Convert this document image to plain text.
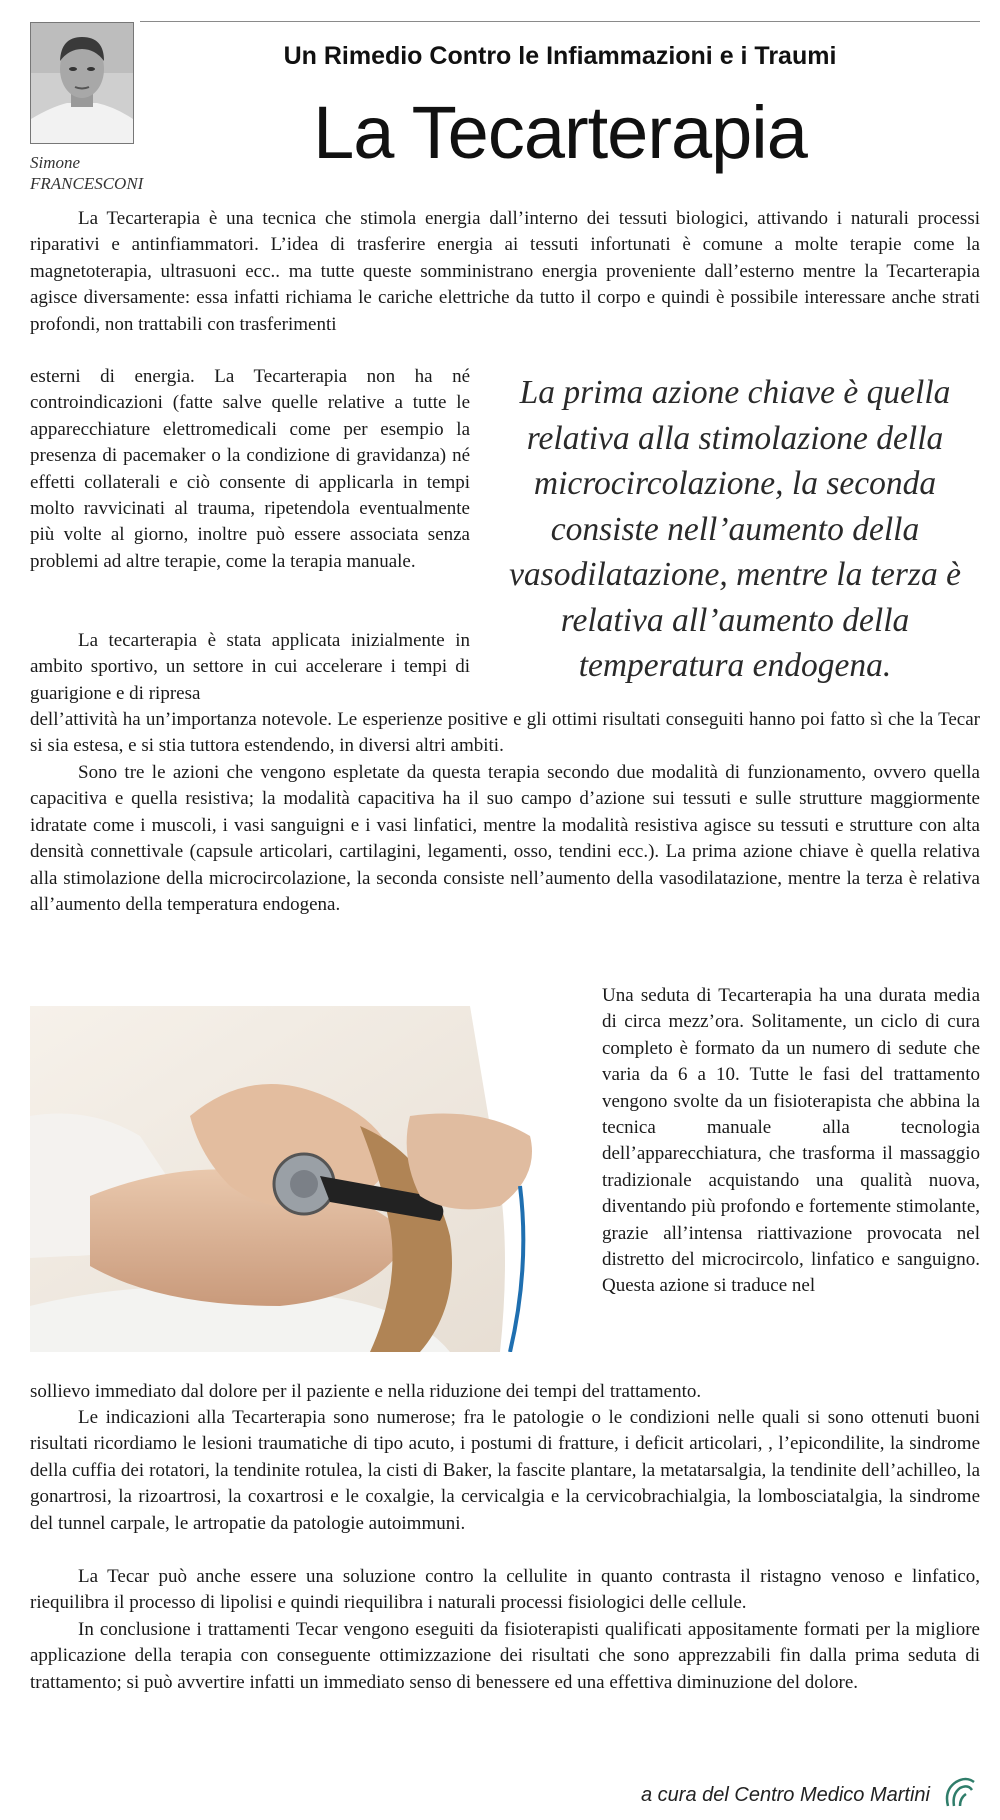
Simone
FRANCESCONI
Un Rimedio Contro le Infiammazioni e i Traumi
La Tecarterapia

La Tecarterapia è una tecnica che stimola energia dall’interno dei tessuti biologici, attivando i naturali processi riparativi e antinfiammatori. L’idea di trasferire energia ai tessuti infortunati è comune a molte terapie come la magnetoterapia, ultrasuoni ecc.. ma tutte queste somministrano energia proveniente dall’esterno mentre la Tecarterapia agisce diversamente: essa infatti richiama le cariche elettriche da tutto il corpo e quindi è possibile interessare anche strati profondi, non trattabili con trasferimenti

esterni di energia. La Tecarterapia non ha né controindicazioni (fatte salve quelle relative a tutte le apparecchiature elettromedicali come per esempio la presenza di pacemaker o la condizione di gravidanza) né effetti collaterali e ciò consente di applicarla in tempi molto ravvicinati al trauma, ripetendola eventualmente più volte al giorno, inoltre può essere associata senza problemi ad altre terapie, come la terapia manuale.

La tecarterapia è stata applicata inizialmente in ambito sportivo, un settore in cui accelerare i tempi di guarigione e di ripresa

La prima azione chiave è quella relativa alla stimolazione della microcircolazione, la seconda consiste nell’aumento della vasodilatazione, mentre la terza è relativa all’aumento della temperatura endogena.

dell’attività ha un’importanza notevole. Le esperienze positive e gli ottimi risultati conseguiti hanno poi fatto sì che la Tecar si sia estesa, e si stia tuttora estendendo, in diversi altri ambiti.

Sono tre le azioni che vengono espletate da questa terapia secondo due modalità di funzionamento, ovvero quella capacitiva e quella resistiva; la modalità capacitiva ha il suo campo d’azione sui tessuti e sulle strutture maggiormente idratate come i muscoli, i vasi sanguigni e i vasi linfatici, mentre la modalità resistiva agisce su tessuti e strutture con alta densità connettivale (capsule articolari, cartilagini, legamenti, osso, tendini ecc.). La prima azione chiave è quella relativa alla stimolazione della microcircolazione, la seconda consiste nell’aumento della vasodilatazione, mentre la terza è relativa all’aumento della temperatura endogena.

Una seduta di Tecarterapia ha una durata media di circa mezz’ora. Solitamente, un ciclo di cura completo è formato da un numero di sedute che varia da 6 a 10. Tutte le fasi del trattamento vengono svolte da un fisioterapista che abbina la tecnica manuale alla tecnologia dell’apparecchiatura, che trasforma il massaggio tradizionale acquistando una qualità nuova, diventando più profondo e fortemente stimolante, grazie all’intensa riattivazione provocata nel distretto del microcircolo, linfatico e sanguigno. Questa azione si traduce nel

sollievo immediato dal dolore per il paziente e nella riduzione dei tempi del trattamento.

Le indicazioni alla Tecarterapia sono numerose; fra le patologie o le condizioni nelle quali si sono ottenuti buoni risultati ricordiamo le lesioni traumatiche di tipo acuto, i postumi di fratture, i deficit articolari, , l’epicondilite, la sindrome della cuffia dei rotatori, la tendinite rotulea, la cisti di Baker, la fascite plantare, la metatarsalgia, la tendinite dell’achilleo, la gonartrosi, la rizoartrosi, la coxartrosi e le coxalgie, la cervicalgia e la cervicobrachialgia, la lombosciatalgia, la sindrome del tunnel carpale, le artropatie da patologie autoimmuni.

La Tecar può anche essere una soluzione contro la cellulite in quanto contrasta il ristagno venoso e linfatico, riequilibra il processo di lipolisi e quindi riequilibra i naturali processi fisiologici delle cellule.

In conclusione i trattamenti Tecar vengono eseguiti da fisioterapisti qualificati appositamente formati per la migliore applicazione della terapia con conseguente ottimizzazione dei risultati che sono apprezzabili fin dalla prima seduta di trattamento; si può avvertire infatti un immediato senso di benessere ed una effettiva diminuzione del dolore.

a cura del Centro Medico Martini
